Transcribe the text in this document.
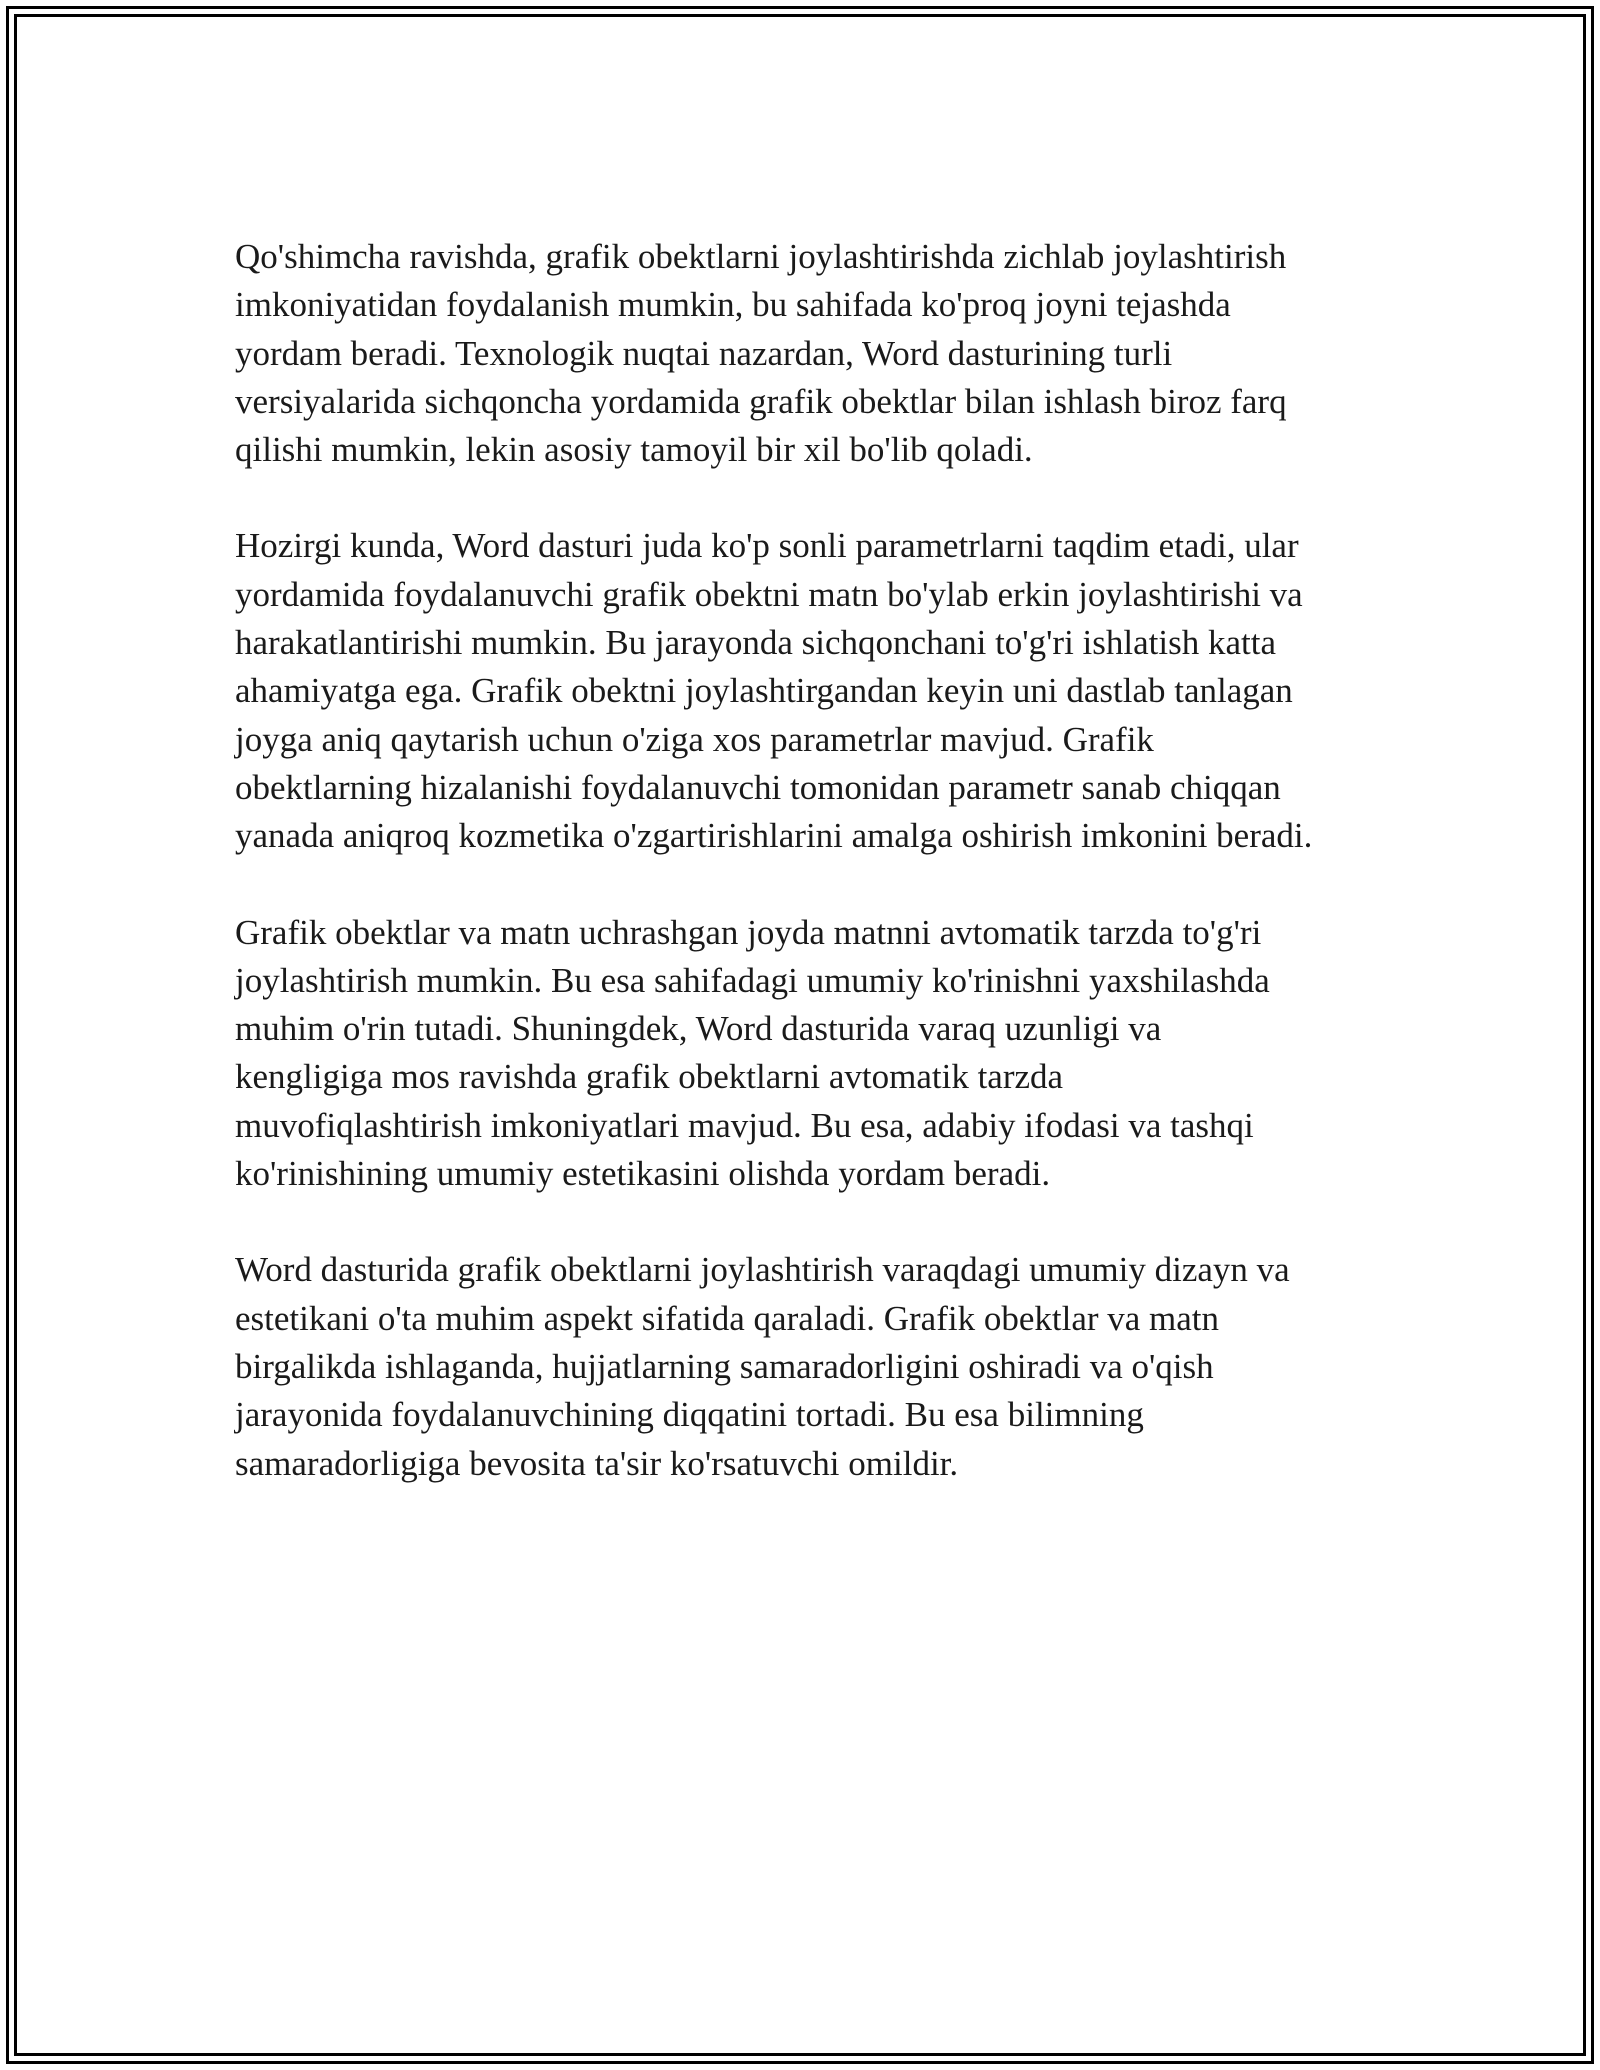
Qo'shimcha ravishda, grafik obektlarni joylashtirishda zichlab joylashtirish
imkoniyatidan foydalanish mumkin, bu sahifada ko'proq joyni tejashda
yordam beradi. Texnologik nuqtai nazardan, Word dasturining turli
versiyalarida sichqoncha yordamida grafik obektlar bilan ishlash biroz farq
qilishi mumkin, lekin asosiy tamoyil bir xil bo'lib qoladi.

Hozirgi kunda, Word dasturi juda ko'p sonli parametrlarni taqdim etadi, ular
yordamida foydalanuvchi grafik obektni matn bo'ylab erkin joylashtirishi va
harakatlantirishi mumkin. Bu jarayonda sichqonchani to'g'ri ishlatish katta
ahamiyatga ega. Grafik obektni joylashtirgandan keyin uni dastlab tanlagan
joyga aniq qaytarish uchun o'ziga xos parametrlar mavjud. Grafik
obektlarning hizalanishi foydalanuvchi tomonidan parametr sanab chiqqan
yanada aniqroq kozmetika o'zgartirishlarini amalga oshirish imkonini beradi.

Grafik obektlar va matn uchrashgan joyda matnni avtomatik tarzda to'g'ri
joylashtirish mumkin. Bu esa sahifadagi umumiy ko'rinishni yaxshilashda
muhim o'rin tutadi. Shuningdek, Word dasturida varaq uzunligi va
kengligiga mos ravishda grafik obektlarni avtomatik tarzda
muvofiqlashtirish imkoniyatlari mavjud. Bu esa, adabiy ifodasi va tashqi
ko'rinishining umumiy estetikasini olishda yordam beradi.

Word dasturida grafik obektlarni joylashtirish varaqdagi umumiy dizayn va
estetikani o'ta muhim aspekt sifatida qaraladi. Grafik obektlar va matn
birgalikda ishlaganda, hujjatlarning samaradorligini oshiradi va o'qish
jarayonida foydalanuvchining diqqatini tortadi. Bu esa bilimning
samaradorligiga bevosita ta'sir ko'rsatuvchi omildir.
